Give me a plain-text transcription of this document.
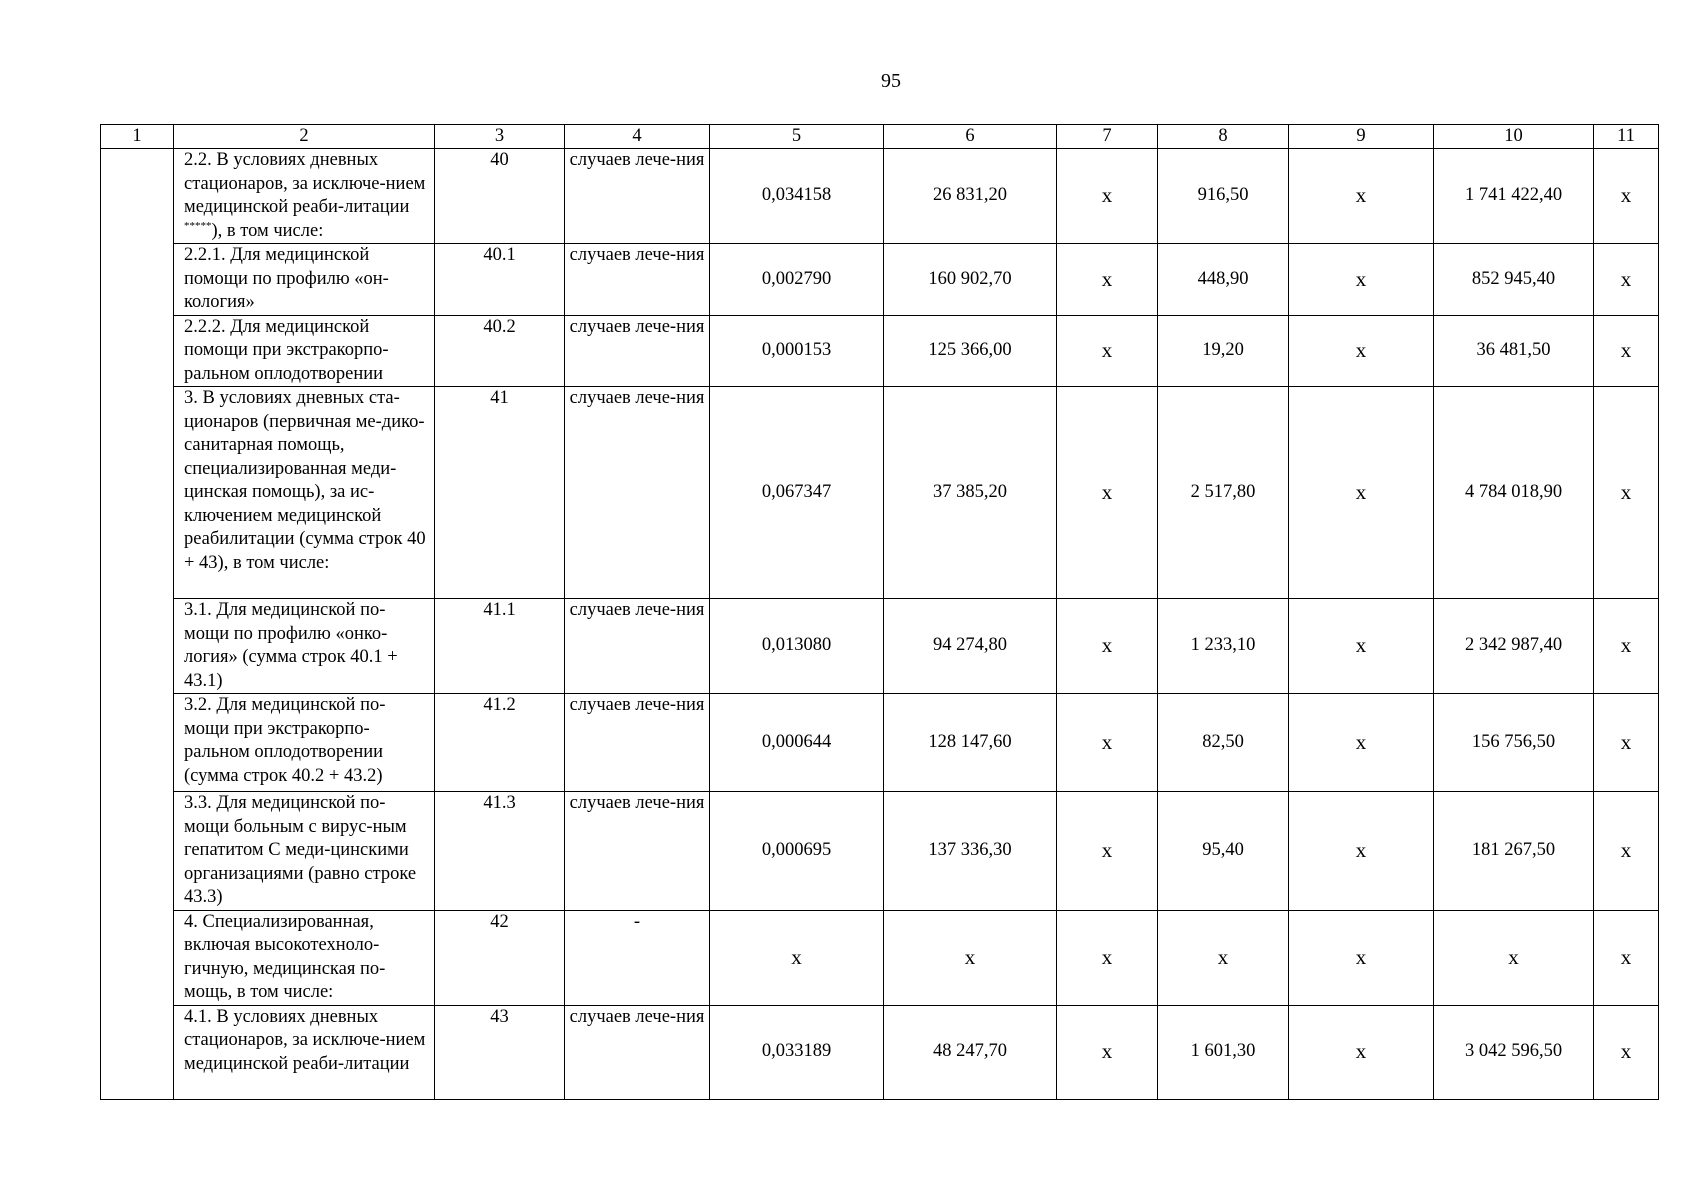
95
1	2	3	4	5	6	7	8	9	10	11
	2.2. В условиях дневных стационаров, за исключе-нием медицинской реаби-литации *****), в том числе:	40	случаев лече-ния	0,034158	26 831,20	х	916,50	х	1 741 422,40	х
	2.2.1. Для медицинской помощи по профилю «он-кология»	40.1	случаев лече-ния	0,002790	160 902,70	х	448,90	х	852 945,40	х
	2.2.2. Для медицинской помощи при экстракорпо-ральном оплодотворении	40.2	случаев лече-ния	0,000153	125 366,00	х	19,20	х	36 481,50	х
	3. В условиях дневных ста-ционаров (первичная ме-дико-санитарная помощь, специализированная меди-цинская помощь), за ис-ключением медицинской реабилитации (сумма строк 40 + 43), в том числе:	41	случаев лече-ния	0,067347	37 385,20	х	2 517,80	х	4 784 018,90	х
	3.1. Для медицинской по-мощи по профилю «онко-логия» (сумма строк 40.1 + 43.1)	41.1	случаев лече-ния	0,013080	94 274,80	х	1 233,10	х	2 342 987,40	х
	3.2. Для медицинской по-мощи при экстракорпо-ральном оплодотворении (сумма строк 40.2 + 43.2)	41.2	случаев лече-ния	0,000644	128 147,60	х	82,50	х	156 756,50	х
	3.3. Для медицинской по-мощи больным с вирус-ным гепатитом С меди-цинскими организациями (равно строке 43.3)	41.3	случаев лече-ния	0,000695	137 336,30	х	95,40	х	181 267,50	х
	4. Специализированная, включая высокотехноло-гичную, медицинская по-мощь, в том числе:	42	-	х	х	х	х	х	х	х
	4.1. В условиях дневных стационаров, за исключе-нием медицинской реаби-литации	43	случаев лече-ния	0,033189	48 247,70	х	1 601,30	х	3 042 596,50	х
